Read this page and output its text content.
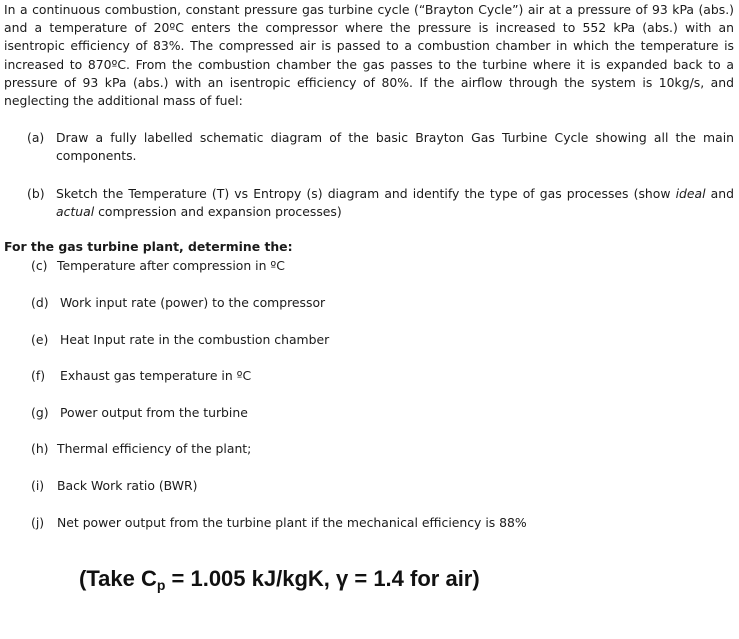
In a continuous combustion, constant pressure gas turbine cycle (“Brayton Cycle”) air at a pressure of 93 kPa (abs.) and a temperature of 20ºC enters the compressor where the pressure is increased to 552 kPa (abs.) with an isentropic efficiency of 83%. The compressed air is passed to a combustion chamber in which the temperature is increased to 870ºC. From the combustion chamber the gas passes to the turbine where it is expanded back to a pressure of 93 kPa (abs.) with an isentropic efficiency of 80%. If the airflow through the system is 10kg/s, and neglecting the additional mass of fuel:

(a) Draw a fully labelled schematic diagram of the basic Brayton Gas Turbine Cycle showing all the main components.
(b) Sketch the Temperature (T) vs Entropy (s) diagram and identify the type of gas processes (show ideal and actual compression and expansion processes)

For the gas turbine plant, determine the:

(c) Temperature after compression in ºC

(d) Work input rate (power) to the compressor

(e) Heat Input rate in the combustion chamber

(f) Exhaust gas temperature in ºC

(g) Power output from the turbine

(h) Thermal efficiency of the plant;

(i) Back Work ratio (BWR)

(j) Net power output from the turbine plant if the mechanical efficiency is 88%

(Take $C_p = 1.005$ kJ/kgK, γ = 1.4 for air)
